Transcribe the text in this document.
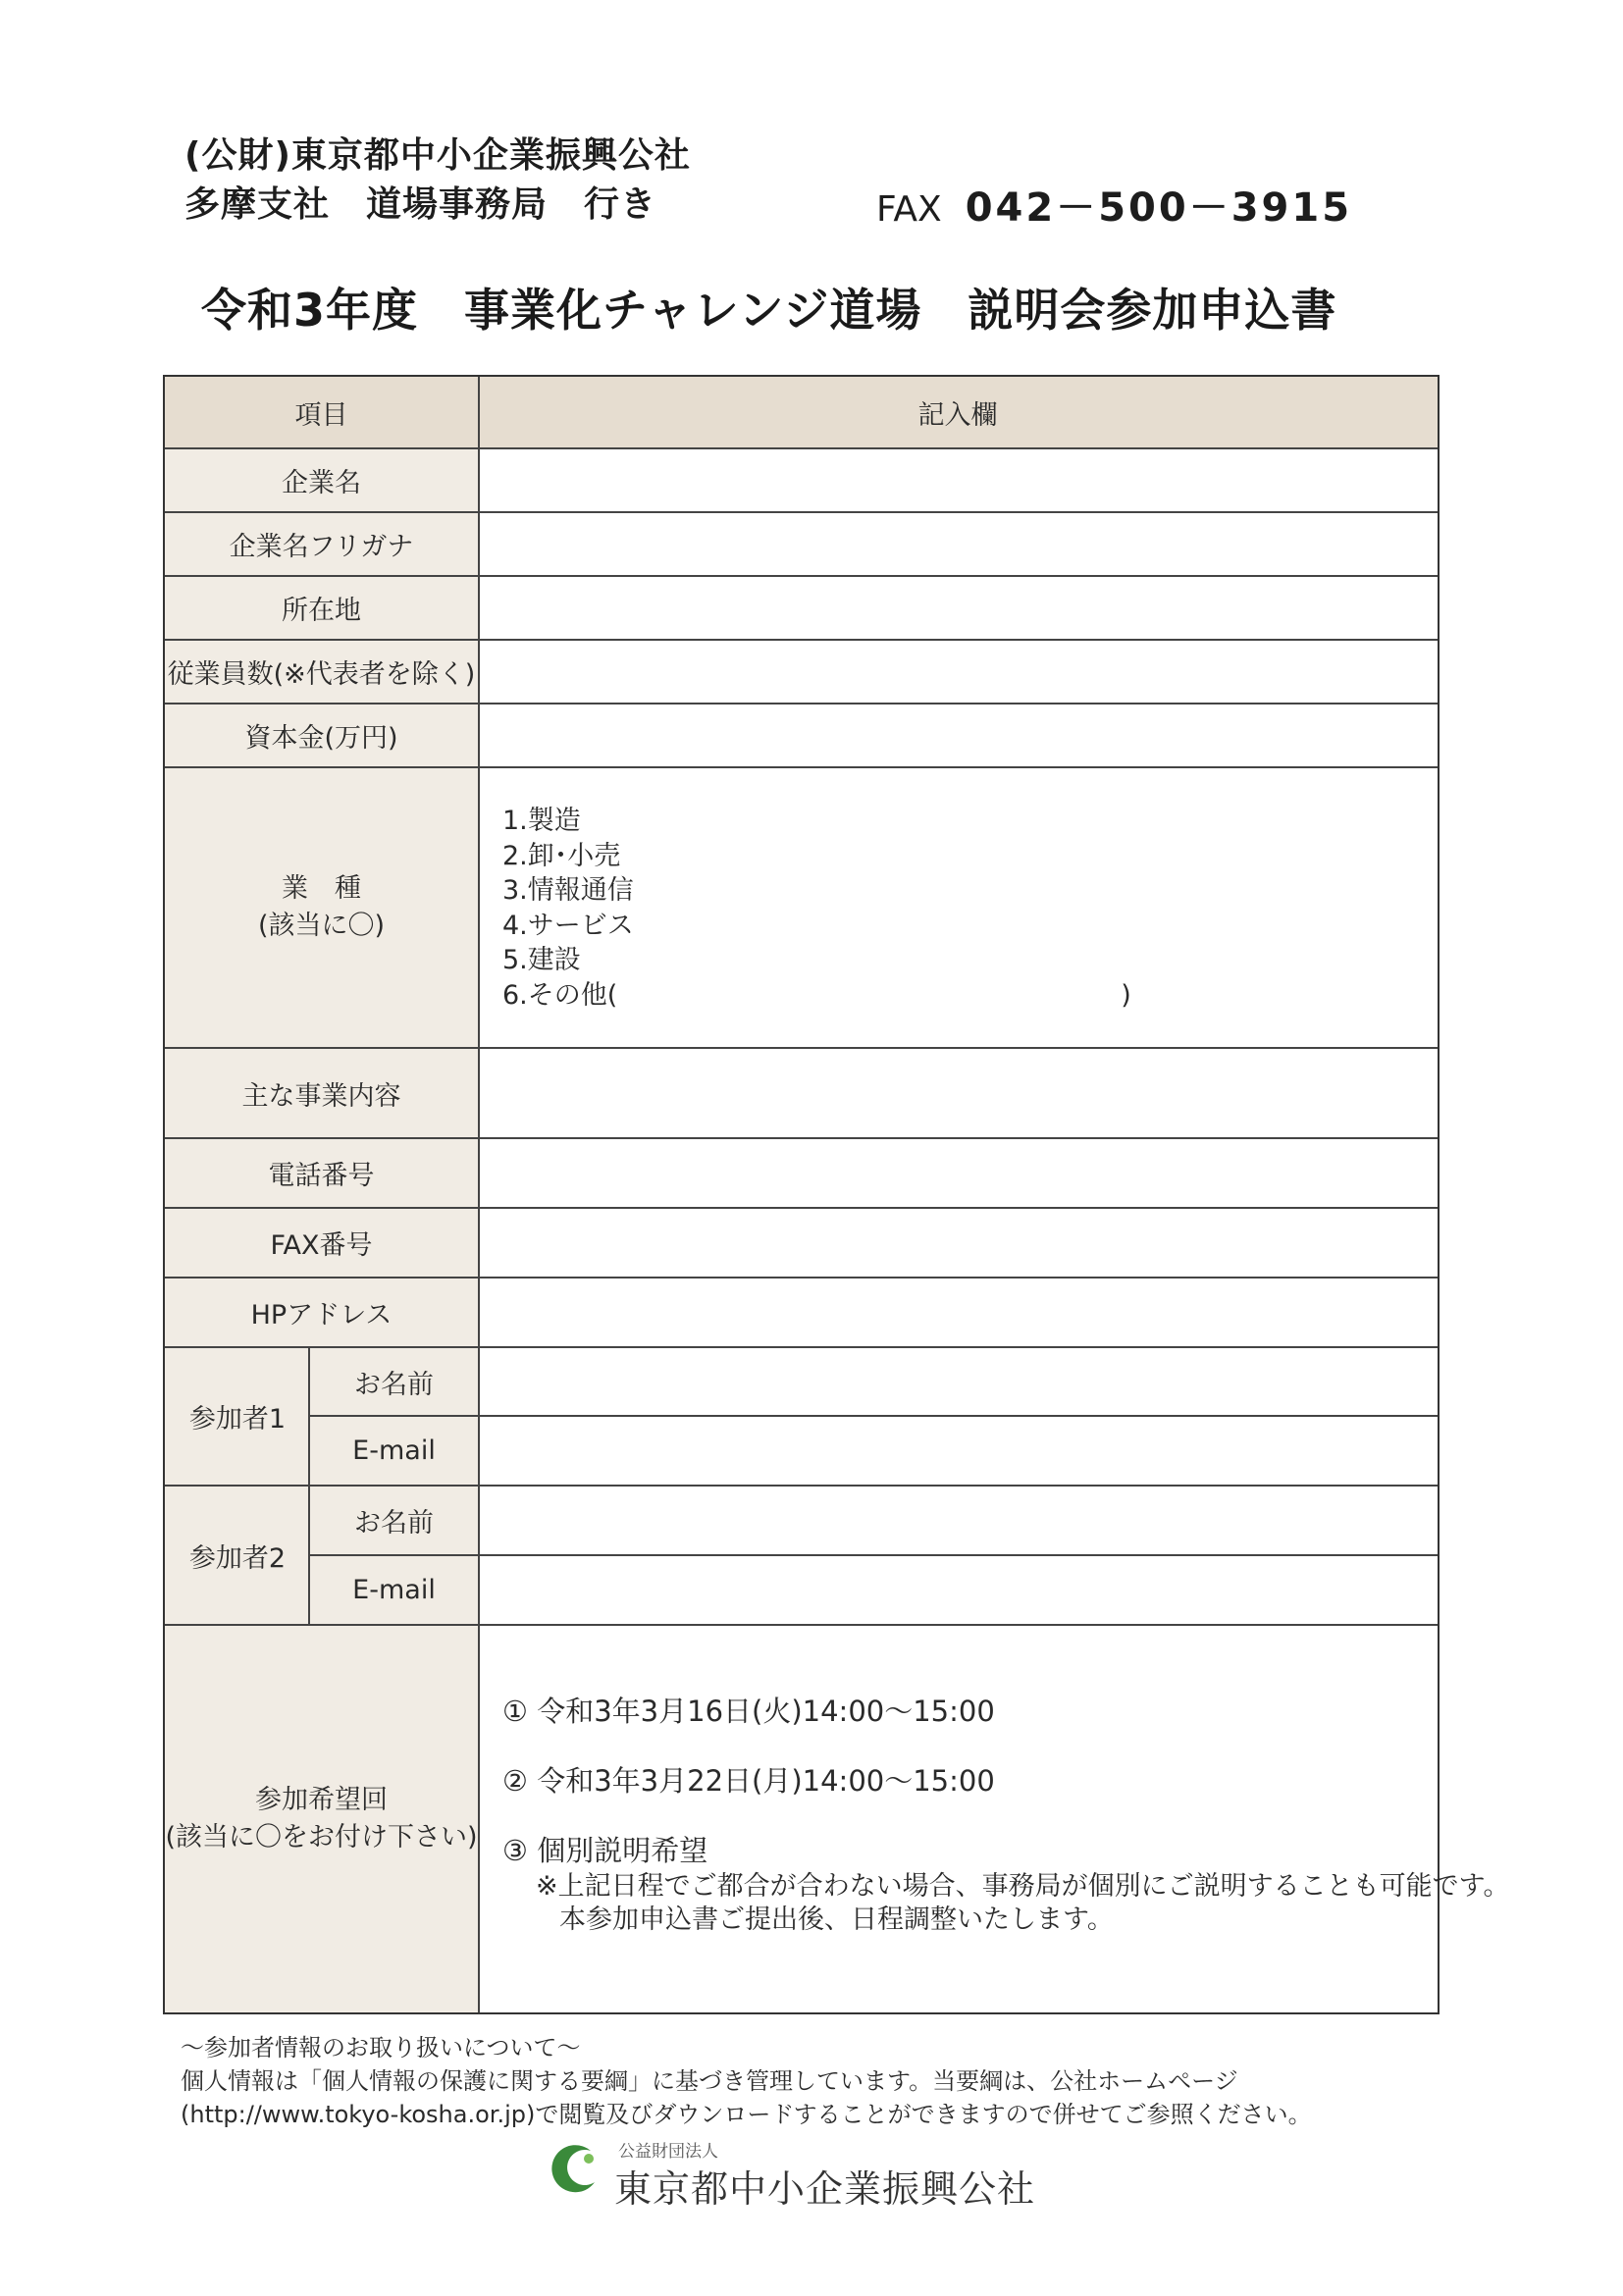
(公財)東京都中小企業振興公社
多摩支社　道場事務局　行き	FAX 042－500－3915
令和3年度　事業化チャレンジ道場　説明会参加申込書
項目	記入欄
企業名
企業名フリガナ
所在地
従業員数(※代表者を除く)
資本金(万円)
業　種
(該当に〇)
主な事業内容
電話番号
FAX番号
HPアドレス
参加者1
お名前
E-mail
参加者2
お名前
E-mail
参加希望回
(該当に〇をお付け下さい)
1.製造
2.卸･小売
3.情報通信
4.サービス
5.建設
6.その他(　　　　　　　　　　　　　　　　　　　)
① 令和3年3月16日(火)14:00～15:00
② 令和3年3月22日(月)14:00～15:00
③ 個別説明希望
※上記日程でご都合が合わない場合、事務局が個別にご説明することも可能です。
本参加申込書ご提出後、日程調整いたします。
～参加者情報のお取り扱いについて～
個人情報は「個人情報の保護に関する要綱」に基づき管理しています。当要綱は、公社ホームページ
(http://www.tokyo-kosha.or.jp)で閲覧及びダウンロードすることができますので併せてご参照ください。
公益財団法人
東京都中小企業振興公社
